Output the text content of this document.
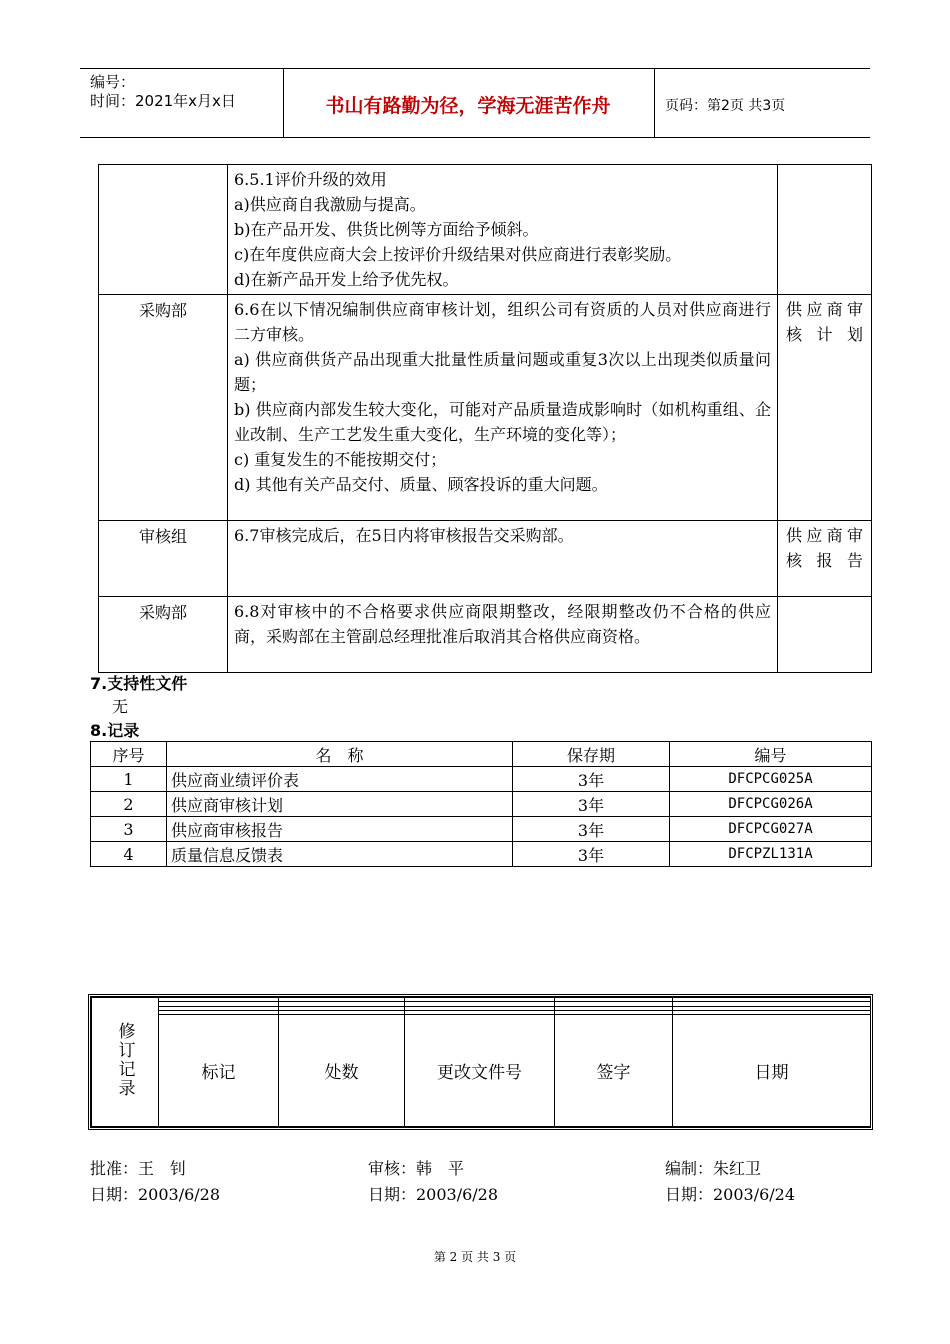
编号：
时间：2021年x月x日	书山有路勤为径，学海无涯苦作舟	页码：第2页 共3页

	6.5.1评价升级的效用
a)供应商自我激励与提高。
b)在产品开发、供货比例等方面给予倾斜。
c)在年度供应商大会上按评价升级结果对供应商进行表彰奖励。
d)在新产品开发上给予优先权。	

采购部	6.6在以下情况编制供应商审核计划，组织公司有资质的人员对供应商进行二方审核。
a) 供应商供货产品出现重大批量性质量问题或重复3次以上出现类似质量问题；
b) 供应商内部发生较大变化，可能对产品质量造成影响时（如机构重组、企业改制、生产工艺发生重大变化，生产环境的变化等）；
c) 重复发生的不能按期交付；
d) 其他有关产品交付、质量、顾客投诉的重大问题。	供应商审核计划
审核组	6.7审核完成后，在5日内将审核报告交采购部。	供应商审核报告
采购部	6.8对审核中的不合格要求供应商限期整改，经限期整改仍不合格的供应商，采购部在主管副总经理批准后取消其合格供应商资格。	

7.支持性文件
无
8.记录
序号	名　称	保存期	编号
1	供应商业绩评价表	3年	DFCPCG025A
2	供应商审核计划	3年	DFCPCG026A
3	供应商审核报告	3年	DFCPCG027A
4	质量信息反馈表	3年	DFCPZL131A
修订记录					

	标记	处数	更改文件号	签字	日期
批准：王　钊
日期：2003/6/28
审核：韩　平
日期：2003/6/28
编制：朱红卫
日期：2003/6/24
第 2 页 共 3 页
